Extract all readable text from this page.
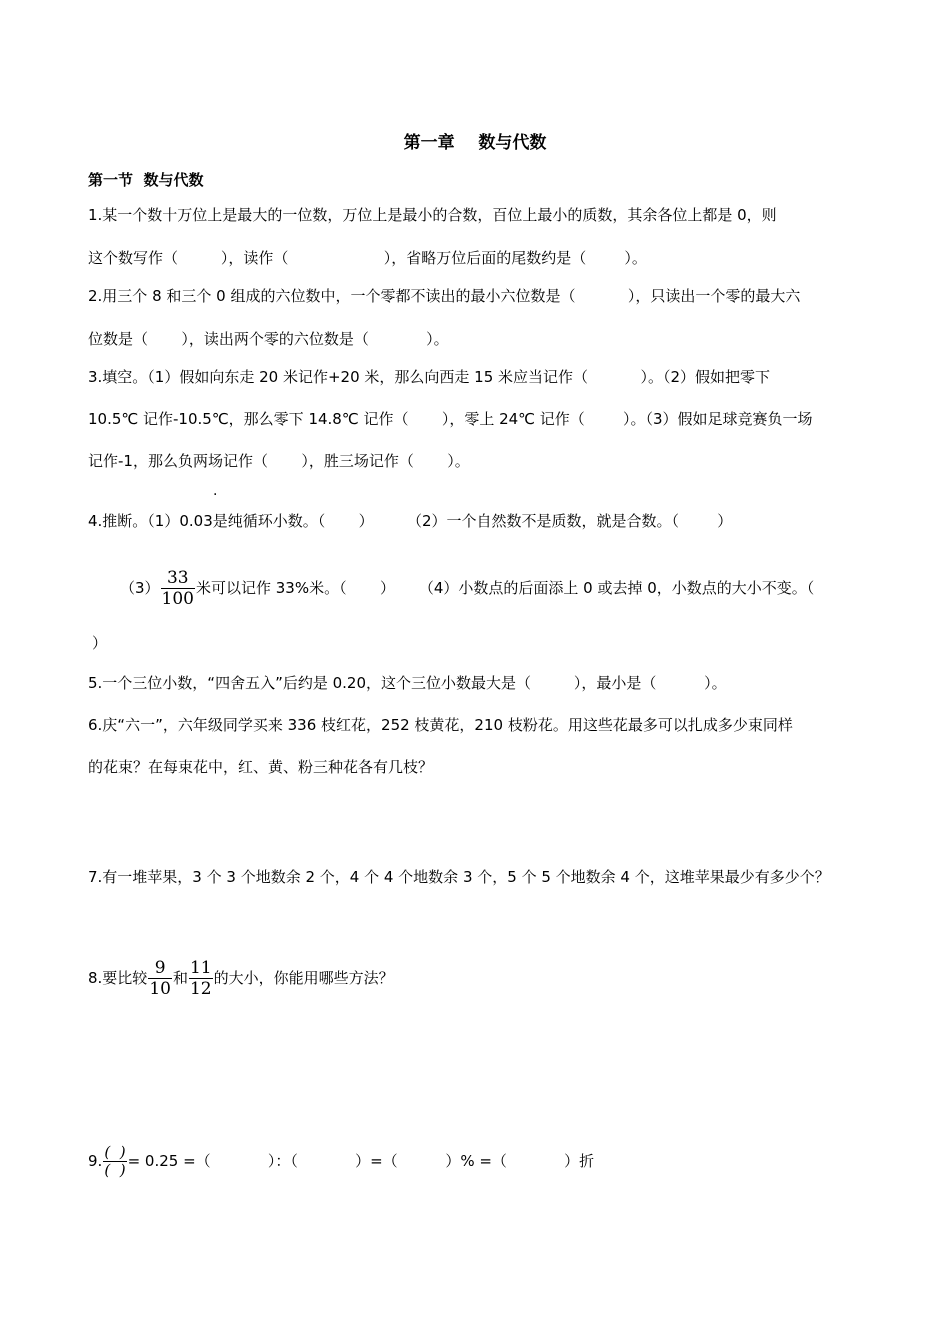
第一章    数与代数
第一节  数与代数
1.某一个数十万位上是最大的一位数，万位上是最小的合数，百位上最小的质数，其余各位上都是 0，则
这个数写作（         ），读作（                    ），省略万位后面的尾数约是（        ）。
2.用三个 8 和三个 0 组成的六位数中，一个零都不读出的最小六位数是（           ），只读出一个零的最大六
位数是（       ），读出两个零的六位数是（            ）。
3.填空。（1）假如向东走 20 米记作+20 米，那么向西走 15 米应当记作（           ）。（2）假如把零下
10.5℃ 记作-10.5℃，那么零下 14.8℃ 记作（       ），零上 24℃ 记作（        ）。（3）假如足球竞赛负一场
记作-1，那么负两场记作（       ），胜三场记作（       ）。
·
4.推断。（1）0.03是纯循环小数。（       ）       （2）一个自然数不是质数，就是合数。（        ）
$(3) \frac{33}{100}$ 米可以记作 33%米。（       ）     （4）小数点的后面添上 0 或去掉 0，小数点的大小不变。（
）
5.一个三位小数，“四舍五入”后约是 0.20，这个三位小数最大是（         ），最小是（          ）。
6.庆“六一”，六年级同学买来 336 枝红花，252 枝黄花，210 枝粉花。用这些花最多可以扎成多少束同样
的花束？在每束花中，红、黄、粉三种花各有几枝？
7.有一堆苹果，3 个 3 个地数余 2 个，4 个 4 个地数余 3 个，5 个 5 个地数余 4 个，这堆苹果最少有多少个？
8.要比较 $\frac{9}{10}$ 和 $\frac{11}{12}$ 的大小，你能用哪些方法？
9. $\frac{( )}{( )} = 0.25$ =（            ）：（            ）=（          ）% =（            ）折
